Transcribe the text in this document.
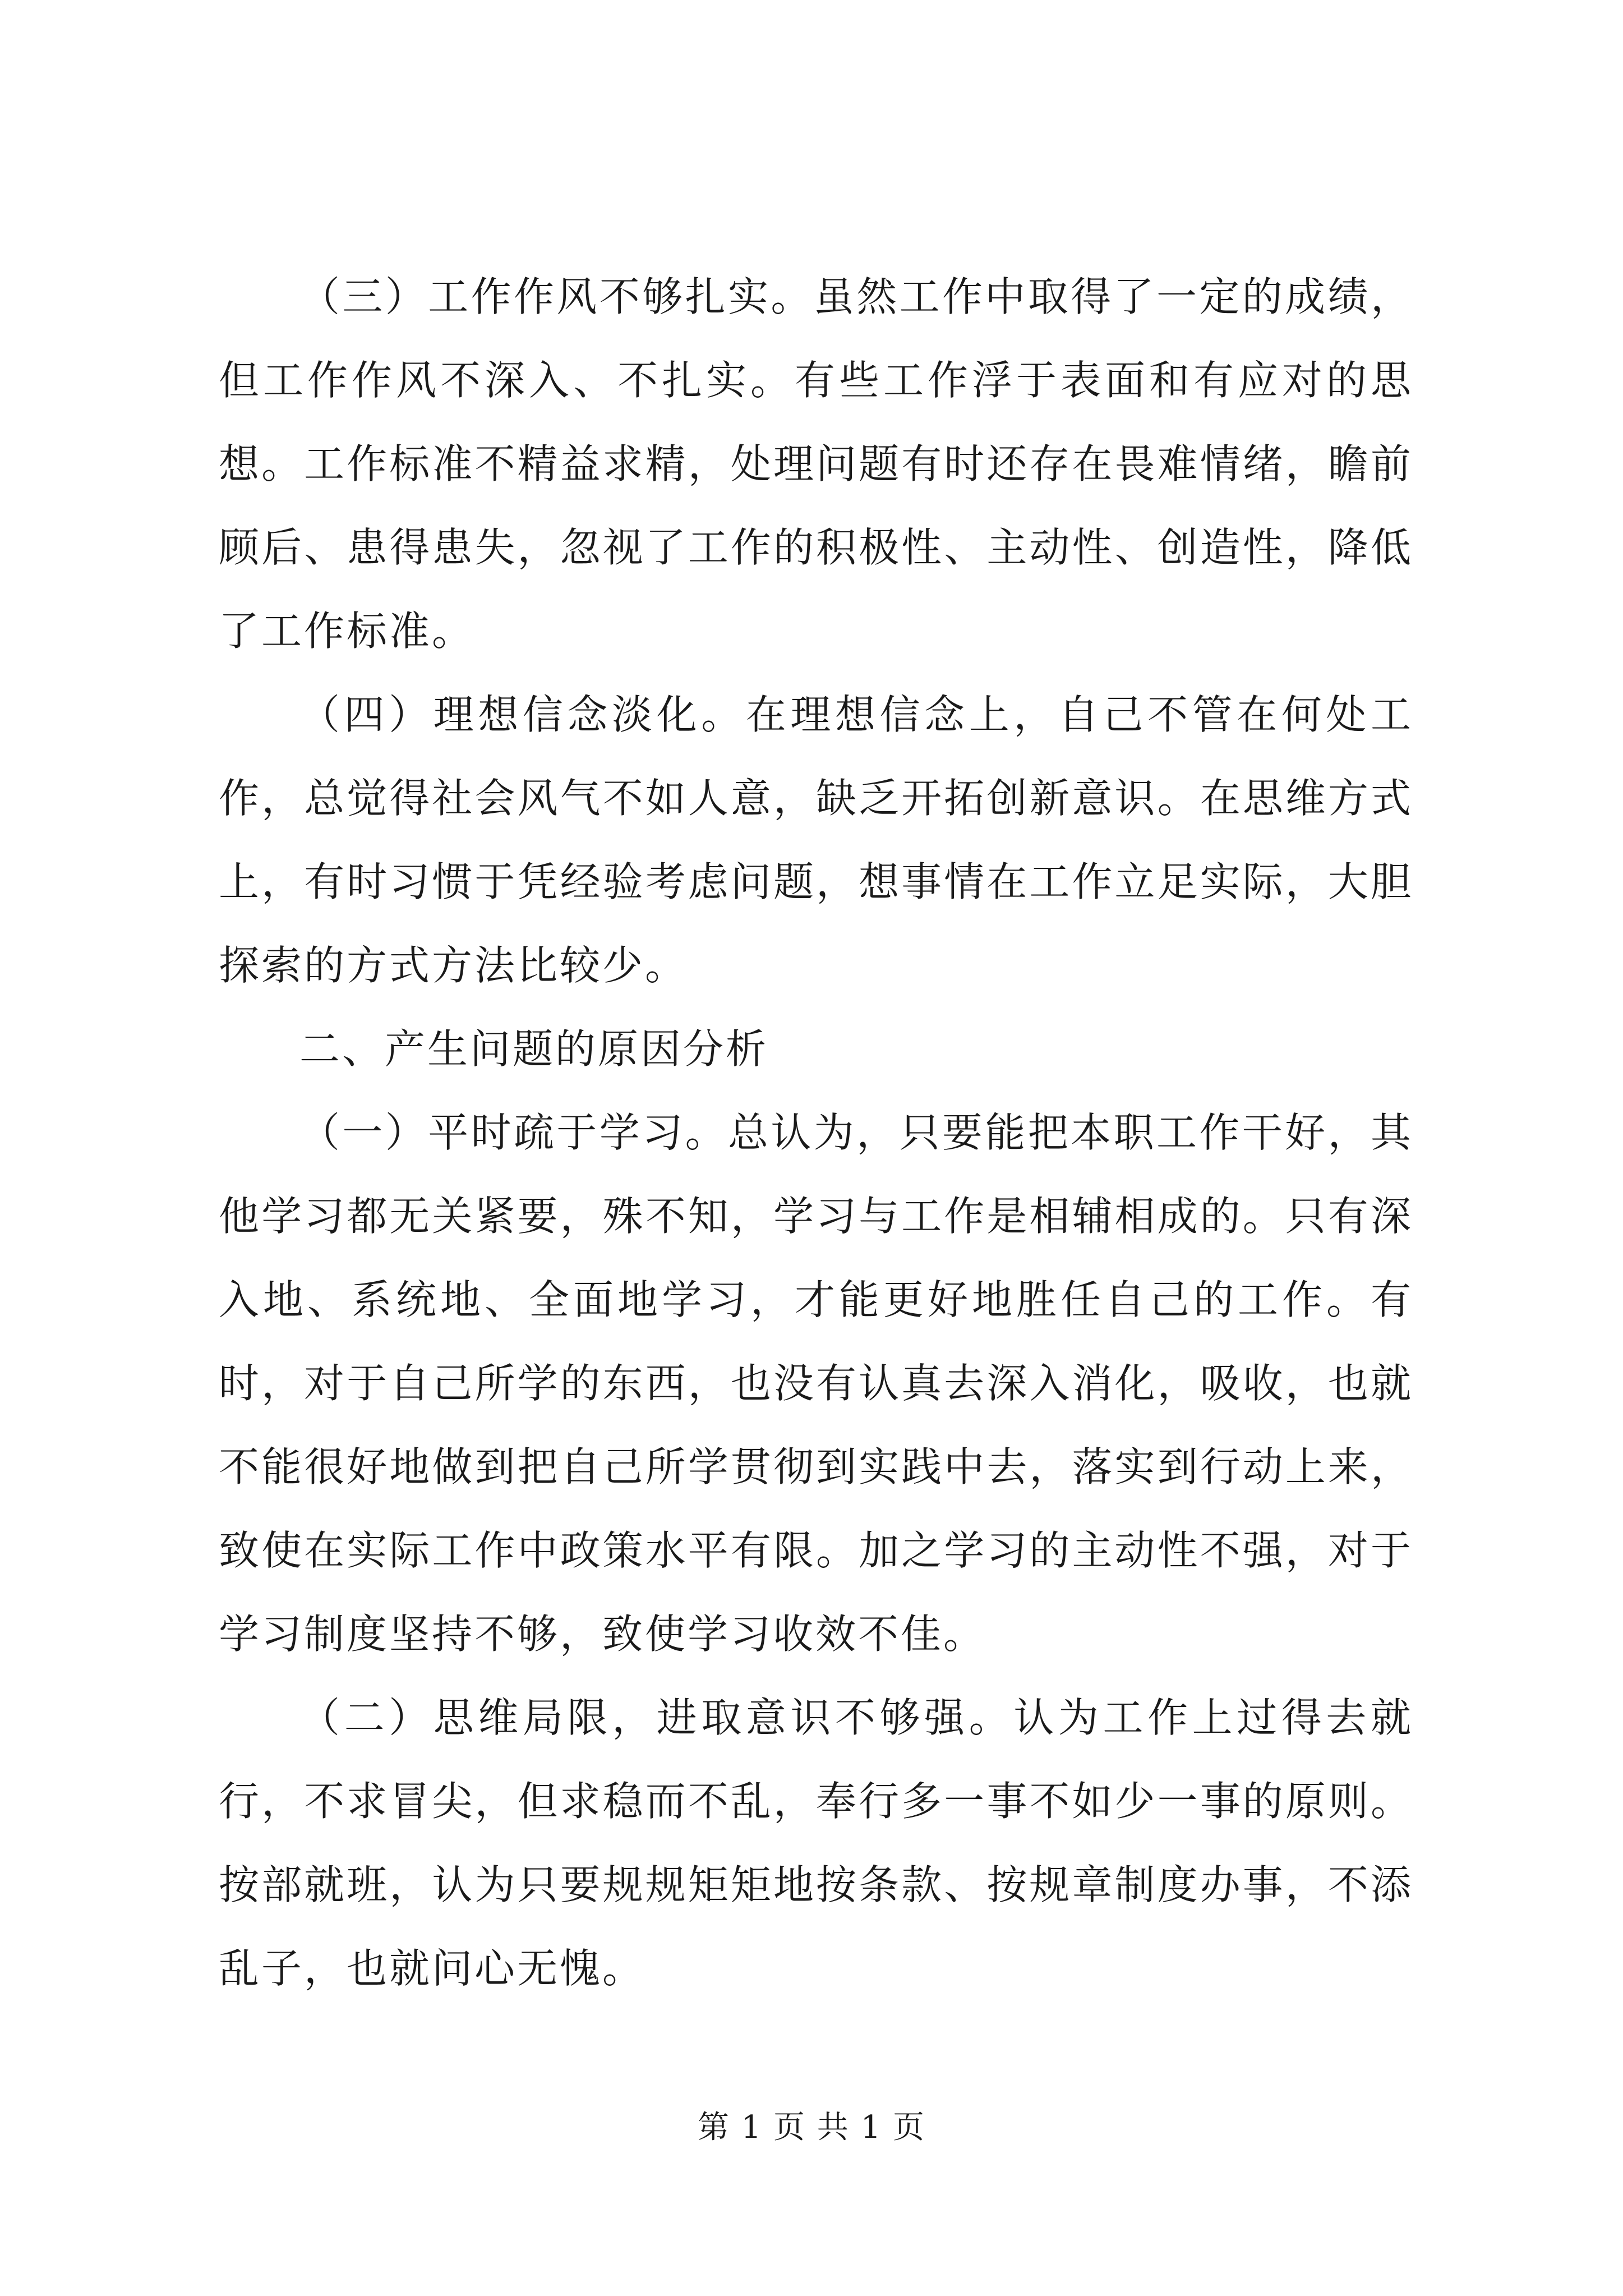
（三）工作作风不够扎实。虽然工作中取得了一定的成绩，但工作作风不深入、不扎实。有些工作浮于表面和有应对的思想。工作标准不精益求精，处理问题有时还存在畏难情绪，瞻前顾后、患得患失，忽视了工作的积极性、主动性、创造性，降低了工作标准。

（四）理想信念淡化。在理想信念上，自己不管在何处工作，总觉得社会风气不如人意，缺乏开拓创新意识。在思维方式上，有时习惯于凭经验考虑问题，想事情在工作立足实际，大胆探索的方式方法比较少。

二、产生问题的原因分析

（一）平时疏于学习。总认为，只要能把本职工作干好，其他学习都无关紧要，殊不知，学习与工作是相辅相成的。只有深入地、系统地、全面地学习，才能更好地胜任自己的工作。有时，对于自己所学的东西，也没有认真去深入消化，吸收，也就不能很好地做到把自己所学贯彻到实践中去，落实到行动上来，致使在实际工作中政策水平有限。加之学习的主动性不强，对于学习制度坚持不够，致使学习收效不佳。

（二）思维局限，进取意识不够强。认为工作上过得去就行，不求冒尖，但求稳而不乱，奉行多一事不如少一事的原则。按部就班，认为只要规规矩矩地按条款、按规章制度办事，不添乱子，也就问心无愧。

第 1 页 共 1 页
